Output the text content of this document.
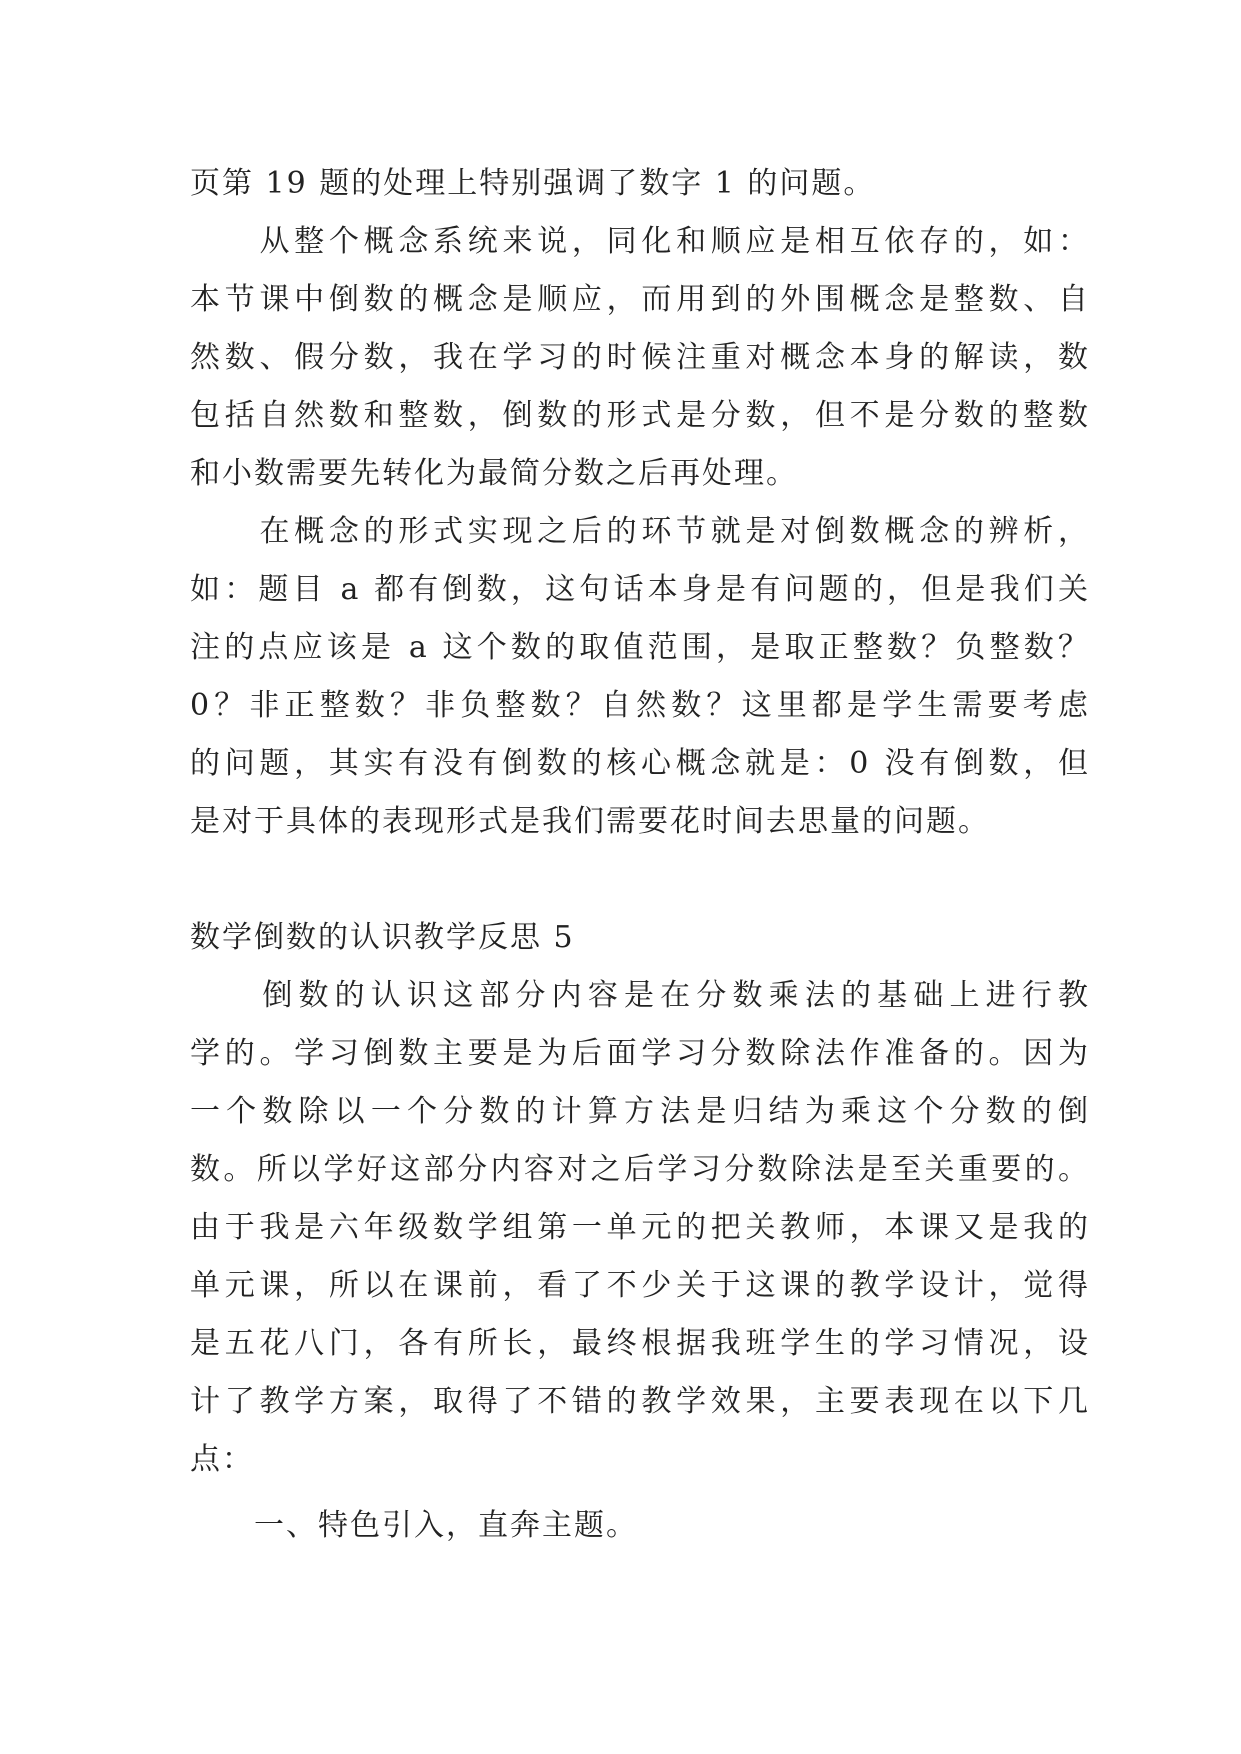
页第 19 题的处理上特别强调了数字 1 的问题。
　　从整个概念系统来说，同化和顺应是相互依存的，如：
本节课中倒数的概念是顺应，而用到的外围概念是整数、自
然数、假分数，我在学习的时候注重对概念本身的解读，数
包括自然数和整数，倒数的形式是分数，但不是分数的整数
和小数需要先转化为最简分数之后再处理。
　　在概念的形式实现之后的环节就是对倒数概念的辨析，
如：题目 a 都有倒数，这句话本身是有问题的，但是我们关
注的点应该是 a 这个数的取值范围，是取正整数？负整数？
0？非正整数？非负整数？自然数？这里都是学生需要考虑
的问题，其实有没有倒数的核心概念就是：0 没有倒数，但
是对于具体的表现形式是我们需要花时间去思量的问题。
数学倒数的认识教学反思 5
　　倒数的认识这部分内容是在分数乘法的基础上进行教
学的。学习倒数主要是为后面学习分数除法作准备的。因为
一个数除以一个分数的计算方法是归结为乘这个分数的倒
数。所以学好这部分内容对之后学习分数除法是至关重要的。
由于我是六年级数学组第一单元的把关教师，本课又是我的
单元课，所以在课前，看了不少关于这课的教学设计，觉得
是五花八门，各有所长，最终根据我班学生的学习情况，设
计了教学方案，取得了不错的教学效果，主要表现在以下几
点：
　　一、特色引入，直奔主题。
